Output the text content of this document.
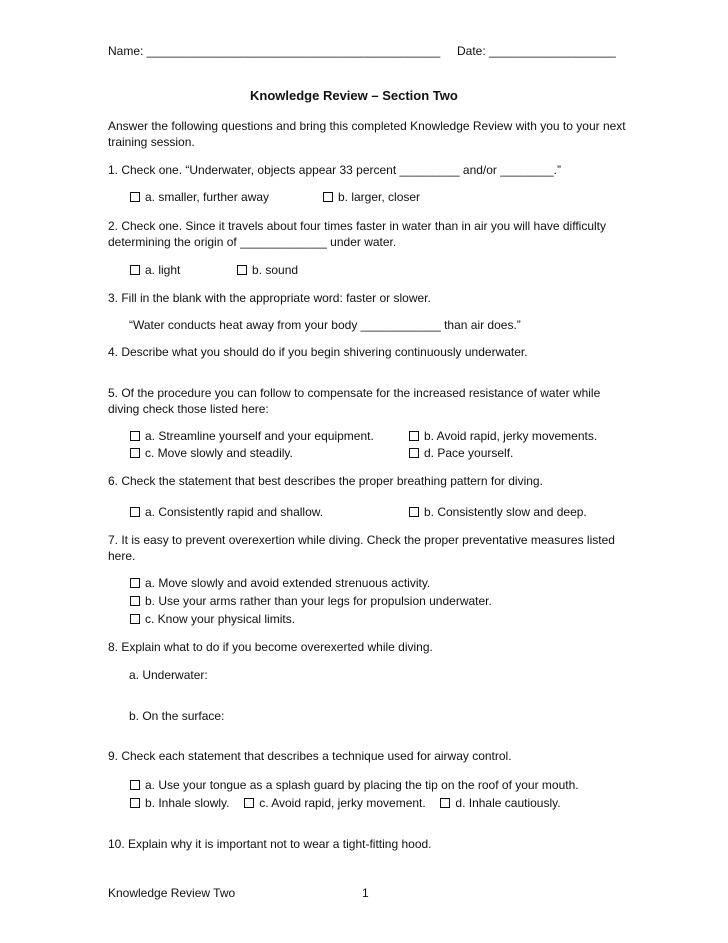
Name: ____________________________________________ Date: ___________________
Knowledge Review – Section Two
Answer the following questions and bring this completed Knowledge Review with you to your next
training session.
1. Check one. “Underwater, objects appear 33 percent _________ and/or ________.”
a. smaller, further away	b. larger, closer
2. Check one. Since it travels about four times faster in water than in air you will have difficulty
determining the origin of _____________ under water.
a. light	b. sound
3. Fill in the blank with the appropriate word: faster or slower.
“Water conducts heat away from your body ____________ than air does.”
4. Describe what you should do if you begin shivering continuously underwater.
5. Of the procedure you can follow to compensate for the increased resistance of water while
diving check those listed here:
a. Streamline yourself and your equipment.	b. Avoid rapid, jerky movements.
c. Move slowly and steadily.	d. Pace yourself.
6. Check the statement that best describes the proper breathing pattern for diving.
a. Consistently rapid and shallow.	b. Consistently slow and deep.
7. It is easy to prevent overexertion while diving. Check the proper preventative measures listed
here.
a. Move slowly and avoid extended strenuous activity.
b. Use your arms rather than your legs for propulsion underwater.
c. Know your physical limits.
8. Explain what to do if you become overexerted while diving.
a. Underwater:
b. On the surface:
9. Check each statement that describes a technique used for airway control.
a. Use your tongue as a splash guard by placing the tip on the roof of your mouth.
b. Inhale slowly. c. Avoid rapid, jerky movement. d. Inhale cautiously.
10. Explain why it is important not to wear a tight-fitting hood.
Knowledge Review Two	1
